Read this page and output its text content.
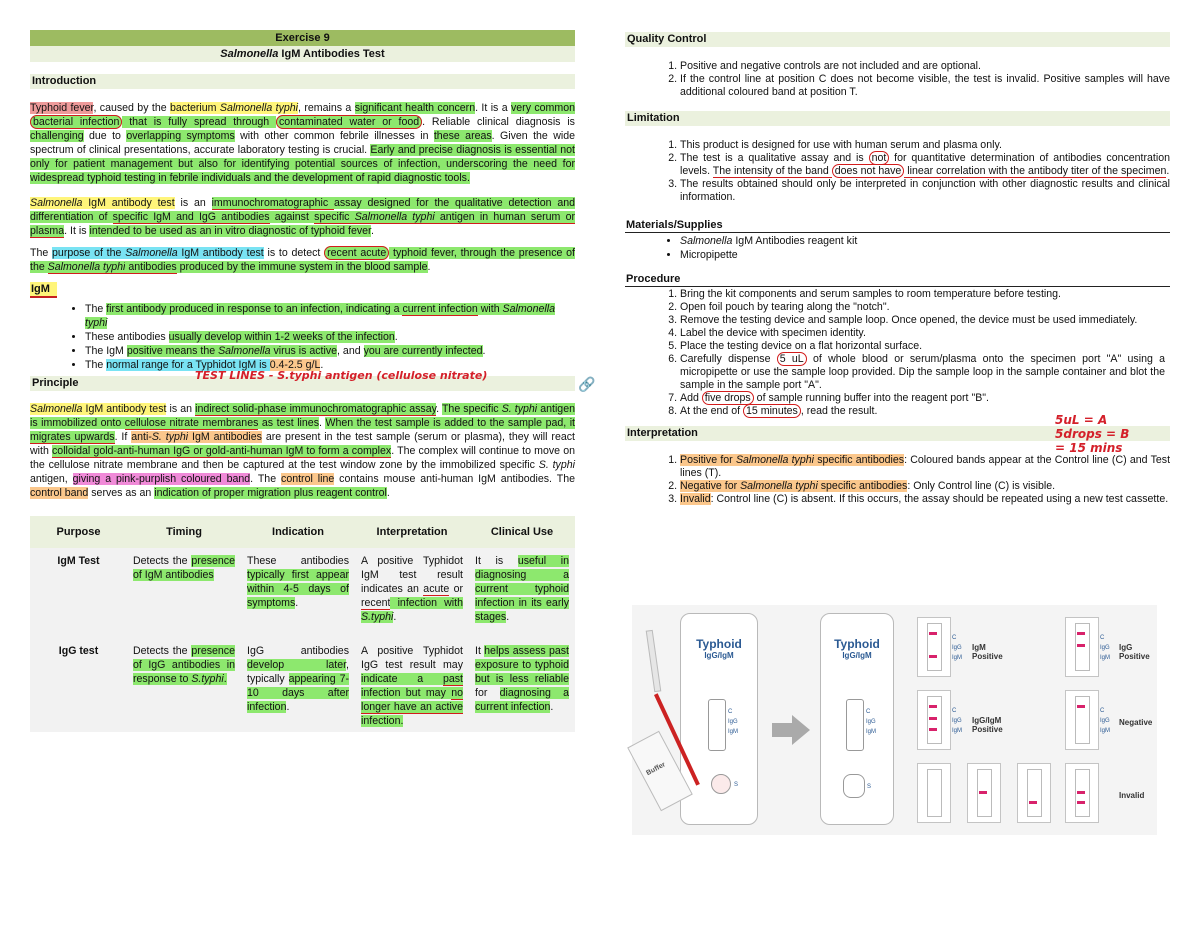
Exercise 9
Salmonella IgM Antibodies Test
Introduction

Typhoid fever, caused by the bacterium Salmonella typhi, remains a significant health concern. It is a very common bacterial infection that is fully spread through contaminated water or food . Reliable clinical diagnosis is challenging due to overlapping symptoms with other common febrile illnesses in these areas. Given the wide spectrum of clinical presentations, accurate laboratory testing is crucial. Early and precise diagnosis is essential not only for patient management but also for identifying potential sources of infection, underscoring the need for widespread typhoid testing in febrile individuals and the development of rapid diagnostic tools.

Salmonella IgM antibody test is an immunochromatographic assay designed for the qualitative detection and differentiation of specific IgM and IgG antibodies against specific Salmonella typhi antigen in human serum or plasma. It is intended to be used as an in vitro diagnostic of typhoid fever.

The purpose of the Salmonella IgM antibody test is to detect recent acute typhoid fever, through the presence of the Salmonella typhi antibodies produced by the immune system in the blood sample.

IgM
• The first antibody produced in response to an infection, indicating a current infection with Salmonella typhi
• These antibodies usually develop within 1-2 weeks of the infection.
• The IgM positive means the Salmonella virus is active, and you are currently infected.
• The normal range for a Typhidot IgM is 0.4-2.5 g/L.
Principle
TEST LINES - S.typhi antigen (cellulose nitrate)
🔗

Salmonella IgM antibody test is an indirect solid-phase immunochromatographic assay. The specific S. typhi antigen is immobilized onto cellulose nitrate membranes as test lines. When the test sample is added to the sample pad, it migrates upwards. If anti-S. typhi IgM antibodies are present in the test sample (serum or plasma), they will react with colloidal gold-anti-human IgG or gold-anti-human IgM to form a complex. The complex will continue to move on the cellulose nitrate membrane and then be captured at the test window zone by the immobilized specific S. typhi antigen, giving a pink-purplish coloured band. The control line contains mouse anti-human IgM antibodies. The control band serves as an indication of proper migration plus reagent control.

Purpose	Timing	Indication	Interpretation	Clinical Use
IgM Test	Detects the presence of IgM antibodies	These antibodies typically first appear within 4-5 days of symptoms.	A positive Typhidot IgM test result indicates an acute or recent infection with S.typhi.	It is useful in diagnosing a current typhoid infection in its early stages.
IgG test	Detects the presence of IgG antibodies in response to S.typhi.	IgG antibodies develop later, typically appearing 7-10 days after infection.	A positive Typhidot IgG test result may indicate a past infection but may no longer have an active infection.	It helps assess past exposure to typhoid but is less reliable for diagnosing a current infection.
Quality Control
1. Positive and negative controls are not included and are optional.
2. If the control line at position C does not become visible, the test is invalid. Positive samples will have additional coloured band at position T.
Limitation
1. This product is designed for use with human serum and plasma only.
2. The test is a qualitative assay and is not for quantitative determination of antibodies concentration levels. The intensity of the band does not have linear correlation with the antibody titer of the specimen.
3. The results obtained should only be interpreted in conjunction with other diagnostic results and clinical information.
Materials/Supplies
• Salmonella IgM Antibodies reagent kit
• Micropipette
Procedure
1. Bring the kit components and serum samples to room temperature before testing.
2. Open foil pouch by tearing along the "notch".
3. Remove the testing device and sample loop. Once opened, the device must be used immediately.
4. Label the device with specimen identity.
5. Place the testing device on a flat horizontal surface.
6. Carefully dispense 5 uL of whole blood or serum/plasma onto the specimen port "A" using a micropipette or use the sample loop provided. Dip the sample loop in the sample container and blot the sample in the sample port "A".
7. Add five drops of sample running buffer into the reagent port "B".
8. At the end of 15 minutes , read the result.
5uL = A
5drops = B
= 15 mins
Interpretation
1. Positive for Salmonella typhi specific antibodies: Coloured bands appear at the Control line (C) and Test lines (T).
2. Negative for Salmonella typhi specific antibodies: Only Control line (C) is visible.
3. Invalid: Control line (C) is absent. If this occurs, the assay should be repeated using a new test cassette.
Typhoid
IgG/IgM
C
IgG
IgM
S
Buffer
Typhoid
IgG/IgM
C
IgG
IgM
S
C
IgG
IgM
IgM Positive
C
IgG
IgM
IgG Positive
C
IgG
IgM
IgG/IgM Positive
C
IgG
IgM
Negative
Invalid
